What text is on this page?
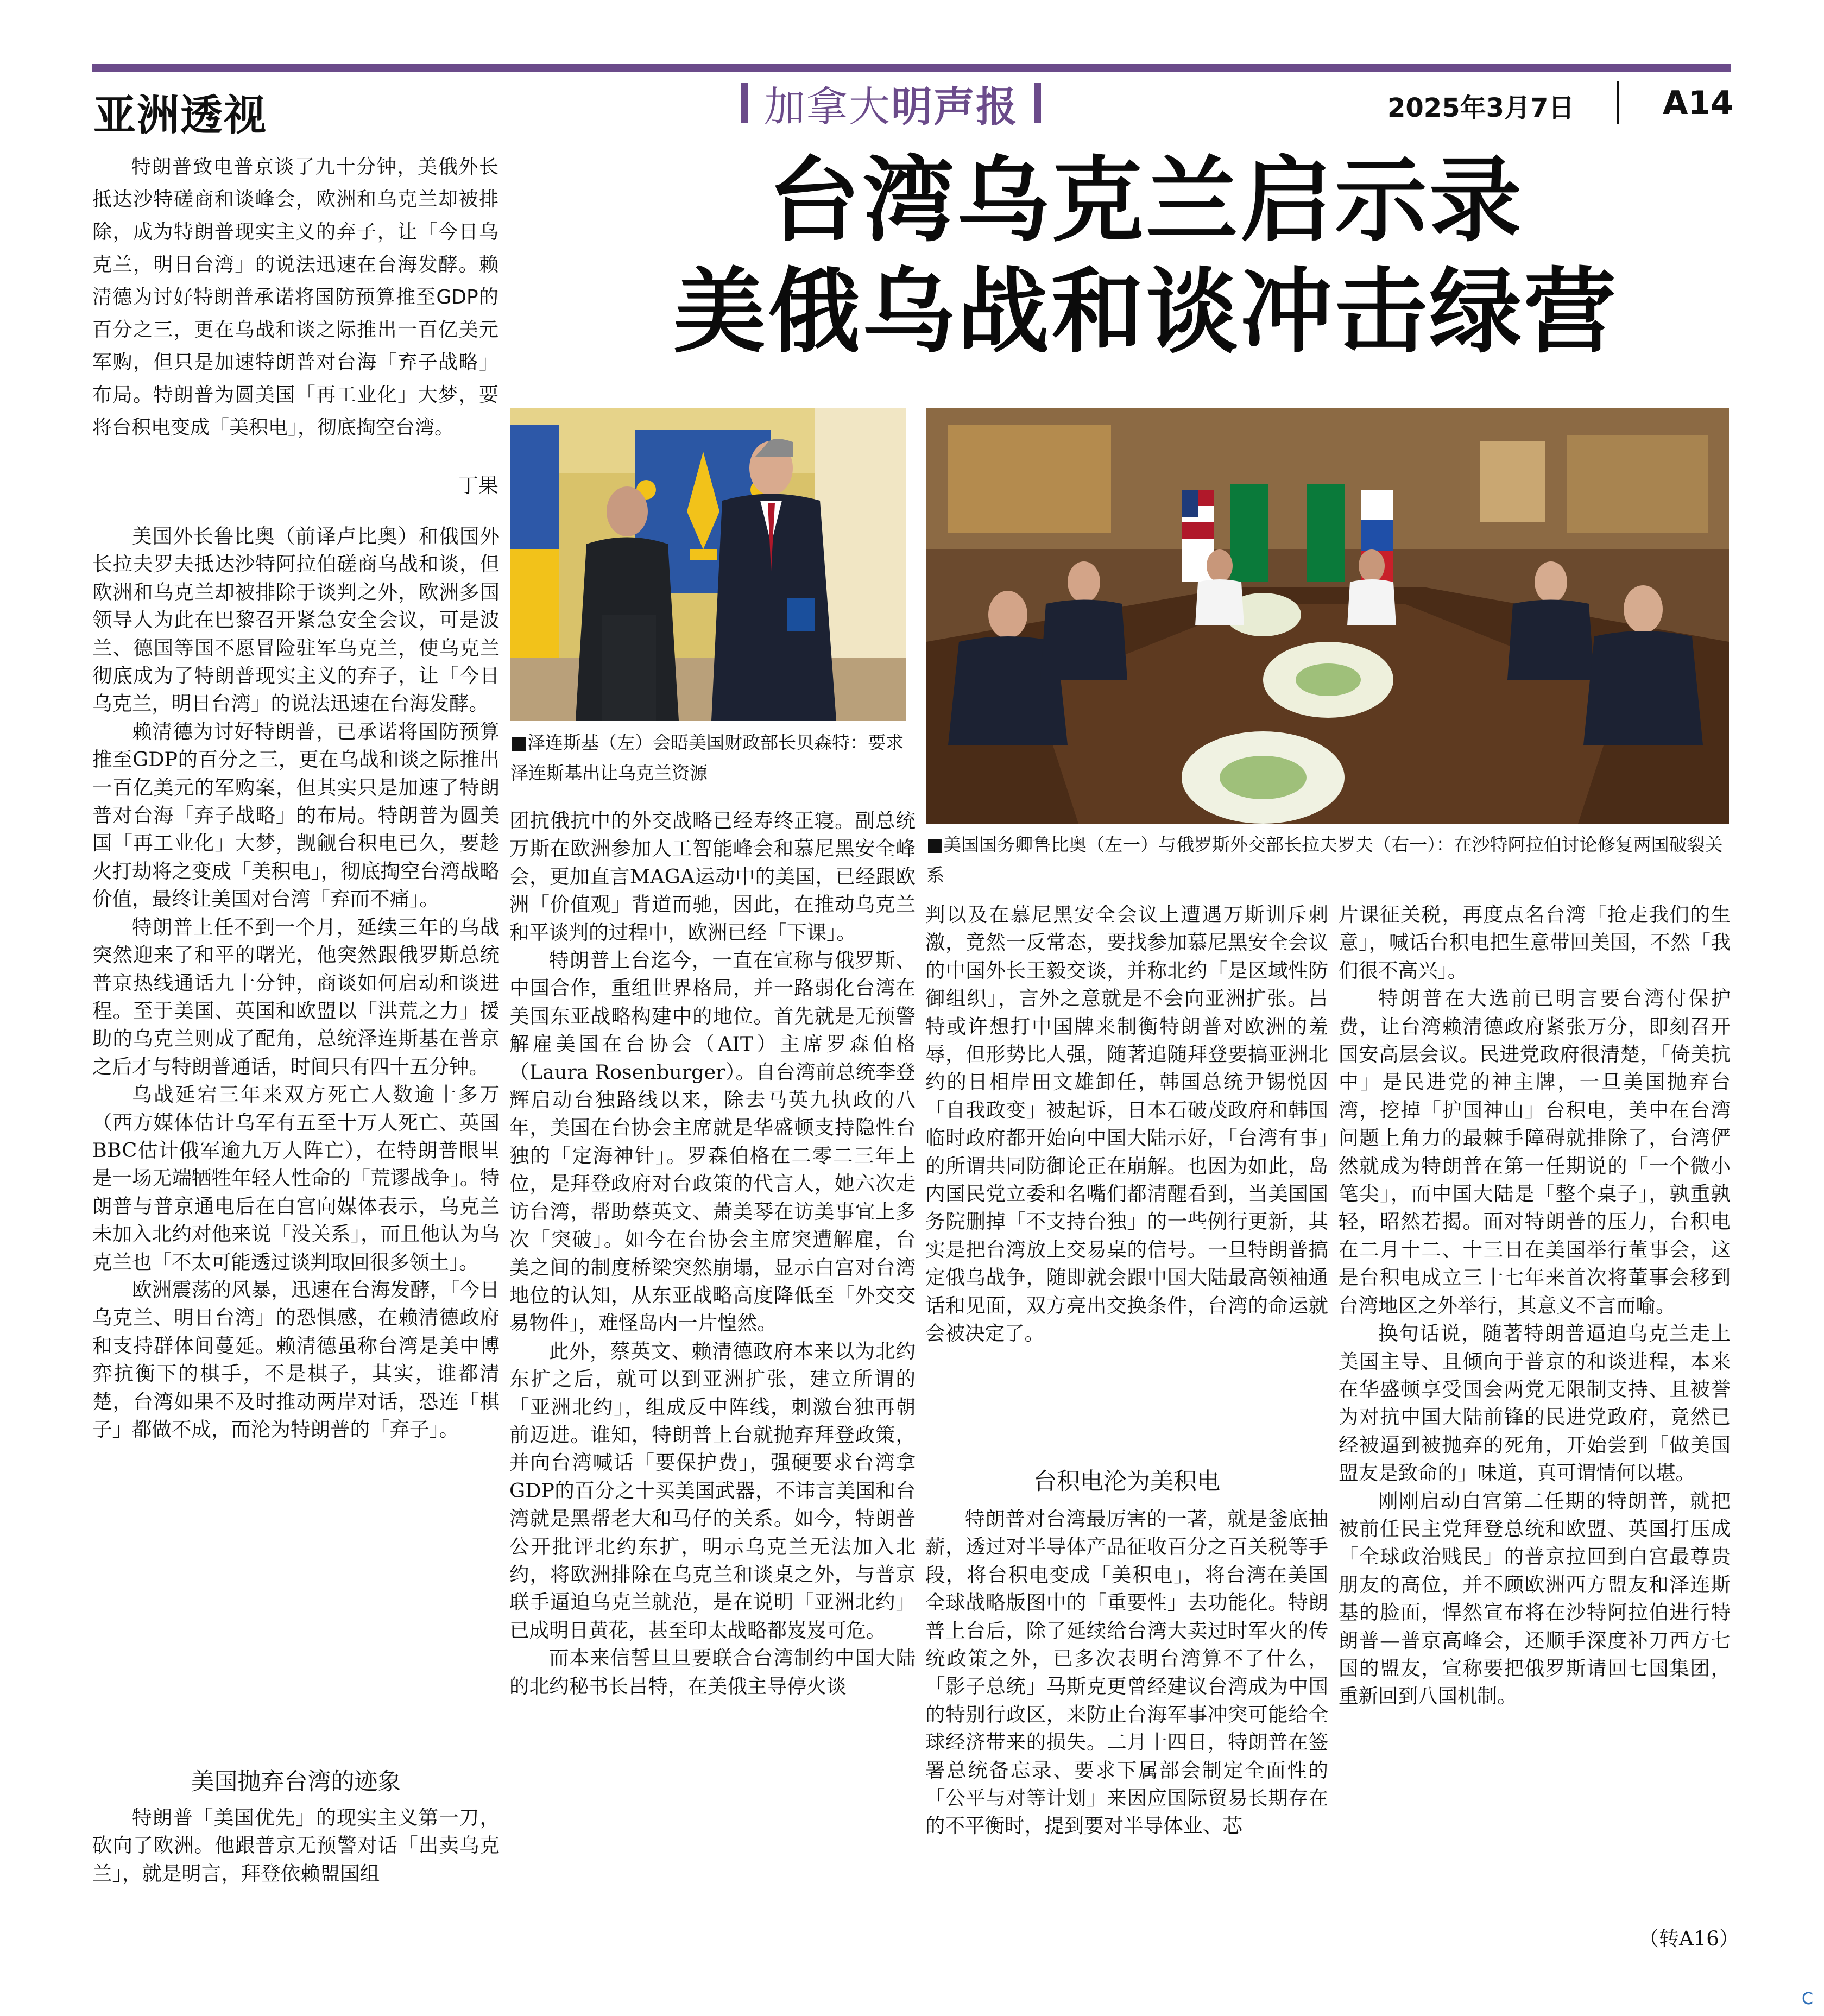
亚洲透视	加拿大明声报	2025年3月7日	A14
台湾乌克兰启示录
美俄乌战和谈冲击绿营

特朗普致电普京谈了九十分钟，美俄外长抵达沙特磋商和谈峰会，欧洲和乌克兰却被排除，成为特朗普现实主义的弃子，让「今日乌克兰，明日台湾」的说法迅速在台海发酵。赖清德为讨好特朗普承诺将国防预算推至GDP的百分之三，更在乌战和谈之际推出一百亿美元军购，但只是加速特朗普对台海「弃子战略」布局。特朗普为圆美国「再工业化」大梦，要将台积电变成「美积电」，彻底掏空台湾。

丁果
■泽连斯基（左）会晤美国财政部长贝森特：要求泽连斯基出让乌克兰资源
■美国国务卿鲁比奥（左一）与俄罗斯外交部长拉夫罗夫（右一）：在沙特阿拉伯讨论修复两国破裂关系

美国外长鲁比奥（前译卢比奥）和俄国外长拉夫罗夫抵达沙特阿拉伯磋商乌战和谈，但欧洲和乌克兰却被排除于谈判之外，欧洲多国领导人为此在巴黎召开紧急安全会议，可是波兰、德国等国不愿冒险驻军乌克兰，使乌克兰彻底成为了特朗普现实主义的弃子，让「今日乌克兰，明日台湾」的说法迅速在台海发酵。

赖清德为讨好特朗普，已承诺将国防预算推至GDP的百分之三，更在乌战和谈之际推出一百亿美元的军购案，但其实只是加速了特朗普对台海「弃子战略」的布局。特朗普为圆美国「再工业化」大梦，觊觎台积电已久，要趁火打劫将之变成「美积电」，彻底掏空台湾战略价值，最终让美国对台湾「弃而不痛」。

特朗普上任不到一个月，延续三年的乌战突然迎来了和平的曙光，他突然跟俄罗斯总统普京热线通话九十分钟，商谈如何启动和谈进程。至于美国、英国和欧盟以「洪荒之力」援助的乌克兰则成了配角，总统泽连斯基在普京之后才与特朗普通话，时间只有四十五分钟。

乌战延宕三年来双方死亡人数逾十多万（西方媒体估计乌军有五至十万人死亡、英国BBC估计俄军逾九万人阵亡），在特朗普眼里是一场无端牺牲年轻人性命的「荒谬战争」。特朗普与普京通电后在白宫向媒体表示，乌克兰未加入北约对他来说「没关系」，而且他认为乌克兰也「不太可能透过谈判取回很多领土」。

欧洲震荡的风暴，迅速在台海发酵，「今日乌克兰、明日台湾」的恐惧感，在赖清德政府和支持群体间蔓延。赖清德虽称台湾是美中博弈抗衡下的棋手，不是棋子，其实，谁都清楚，台湾如果不及时推动两岸对话，恐连「棋子」都做不成，而沦为特朗普的「弃子」。

美国抛弃台湾的迹象

特朗普「美国优先」的现实主义第一刀，砍向了欧洲。他跟普京无预警对话「出卖乌克兰」，就是明言，拜登依赖盟国组

团抗俄抗中的外交战略已经寿终正寝。副总统万斯在欧洲参加人工智能峰会和慕尼黑安全峰会，更加直言MAGA运动中的美国，已经跟欧洲「价值观」背道而驰，因此，在推动乌克兰和平谈判的过程中，欧洲已经「下课」。

特朗普上台迄今，一直在宣称与俄罗斯、中国合作，重组世界格局，并一路弱化台湾在美国东亚战略构建中的地位。首先就是无预警解雇美国在台协会（AIT）主席罗森伯格（Laura Rosenburger）。自台湾前总统李登辉启动台独路线以来，除去马英九执政的八年，美国在台协会主席就是华盛顿支持隐性台独的「定海神针」。罗森伯格在二零二三年上位，是拜登政府对台政策的代言人，她六次走访台湾，帮助蔡英文、萧美琴在访美事宜上多次「突破」。如今在台协会主席突遭解雇，台美之间的制度桥梁突然崩塌，显示白宫对台湾地位的认知，从东亚战略高度降低至「外交交易物件」，难怪岛内一片惶然。

此外，蔡英文、赖清德政府本来以为北约东扩之后，就可以到亚洲扩张，建立所谓的「亚洲北约」，组成反中阵线，刺激台独再朝前迈进。谁知，特朗普上台就抛弃拜登政策，并向台湾喊话「要保护费」，强硬要求台湾拿GDP的百分之十买美国武器，不讳言美国和台湾就是黑帮老大和马仔的关系。如今，特朗普公开批评北约东扩，明示乌克兰无法加入北约，将欧洲排除在乌克兰和谈桌之外，与普京联手逼迫乌克兰就范，是在说明「亚洲北约」已成明日黄花，甚至印太战略都岌岌可危。

而本来信誓旦旦要联合台湾制约中国大陆的北约秘书长吕特，在美俄主导停火谈

判以及在慕尼黑安全会议上遭遇万斯训斥刺激，竟然一反常态，要找参加慕尼黑安全会议的中国外长王毅交谈，并称北约「是区域性防御组织」，言外之意就是不会向亚洲扩张。吕特或许想打中国牌来制衡特朗普对欧洲的羞辱，但形势比人强，随著追随拜登要搞亚洲北约的日相岸田文雄卸任，韩国总统尹锡悦因「自我政变」被起诉，日本石破茂政府和韩国临时政府都开始向中国大陆示好，「台湾有事」的所谓共同防御论正在崩解。也因为如此，岛内国民党立委和名嘴们都清醒看到，当美国国务院删掉「不支持台独」的一些例行更新，其实是把台湾放上交易桌的信号。一旦特朗普搞定俄乌战争，随即就会跟中国大陆最高领袖通话和见面，双方亮出交换条件，台湾的命运就会被决定了。

台积电沦为美积电

特朗普对台湾最厉害的一著，就是釜底抽薪，透过对半导体产品征收百分之百关税等手段，将台积电变成「美积电」，将台湾在美国全球战略版图中的「重要性」去功能化。特朗普上台后，除了延续给台湾大卖过时军火的传统政策之外，已多次表明台湾算不了什么，「影子总统」马斯克更曾经建议台湾成为中国的特别行政区，来防止台海军事冲突可能给全球经济带来的损失。二月十四日，特朗普在签署总统备忘录、要求下属部会制定全面性的「公平与对等计划」来因应国际贸易长期存在的不平衡时，提到要对半导体业、芯

片课征关税，再度点名台湾「抢走我们的生意」，喊话台积电把生意带回美国，不然「我们很不高兴」。

特朗普在大选前已明言要台湾付保护费，让台湾赖清德政府紧张万分，即刻召开国安高层会议。民进党政府很清楚，「倚美抗中」是民进党的神主牌，一旦美国抛弃台湾，挖掉「护国神山」台积电，美中在台湾问题上角力的最棘手障碍就排除了，台湾俨然就成为特朗普在第一任期说的「一个微小笔尖」，而中国大陆是「整个桌子」，孰重孰轻，昭然若揭。面对特朗普的压力，台积电在二月十二、十三日在美国举行董事会，这是台积电成立三十七年来首次将董事会移到台湾地区之外举行，其意义不言而喻。

换句话说，随著特朗普逼迫乌克兰走上美国主导、且倾向于普京的和谈进程，本来在华盛顿享受国会两党无限制支持、且被誉为对抗中国大陆前锋的民进党政府，竟然已经被逼到被抛弃的死角，开始尝到「做美国盟友是致命的」味道，真可谓情何以堪。

刚刚启动白宫第二任期的特朗普，就把被前任民主党拜登总统和欧盟、英国打压成「全球政治贱民」的普京拉回到白宫最尊贵朋友的高位，并不顾欧洲西方盟友和泽连斯基的脸面，悍然宣布将在沙特阿拉伯进行特朗普—普京高峰会，还顺手深度补刀西方七国的盟友，宣称要把俄罗斯请回七国集团，重新回到八国机制。

（转A16）
C
